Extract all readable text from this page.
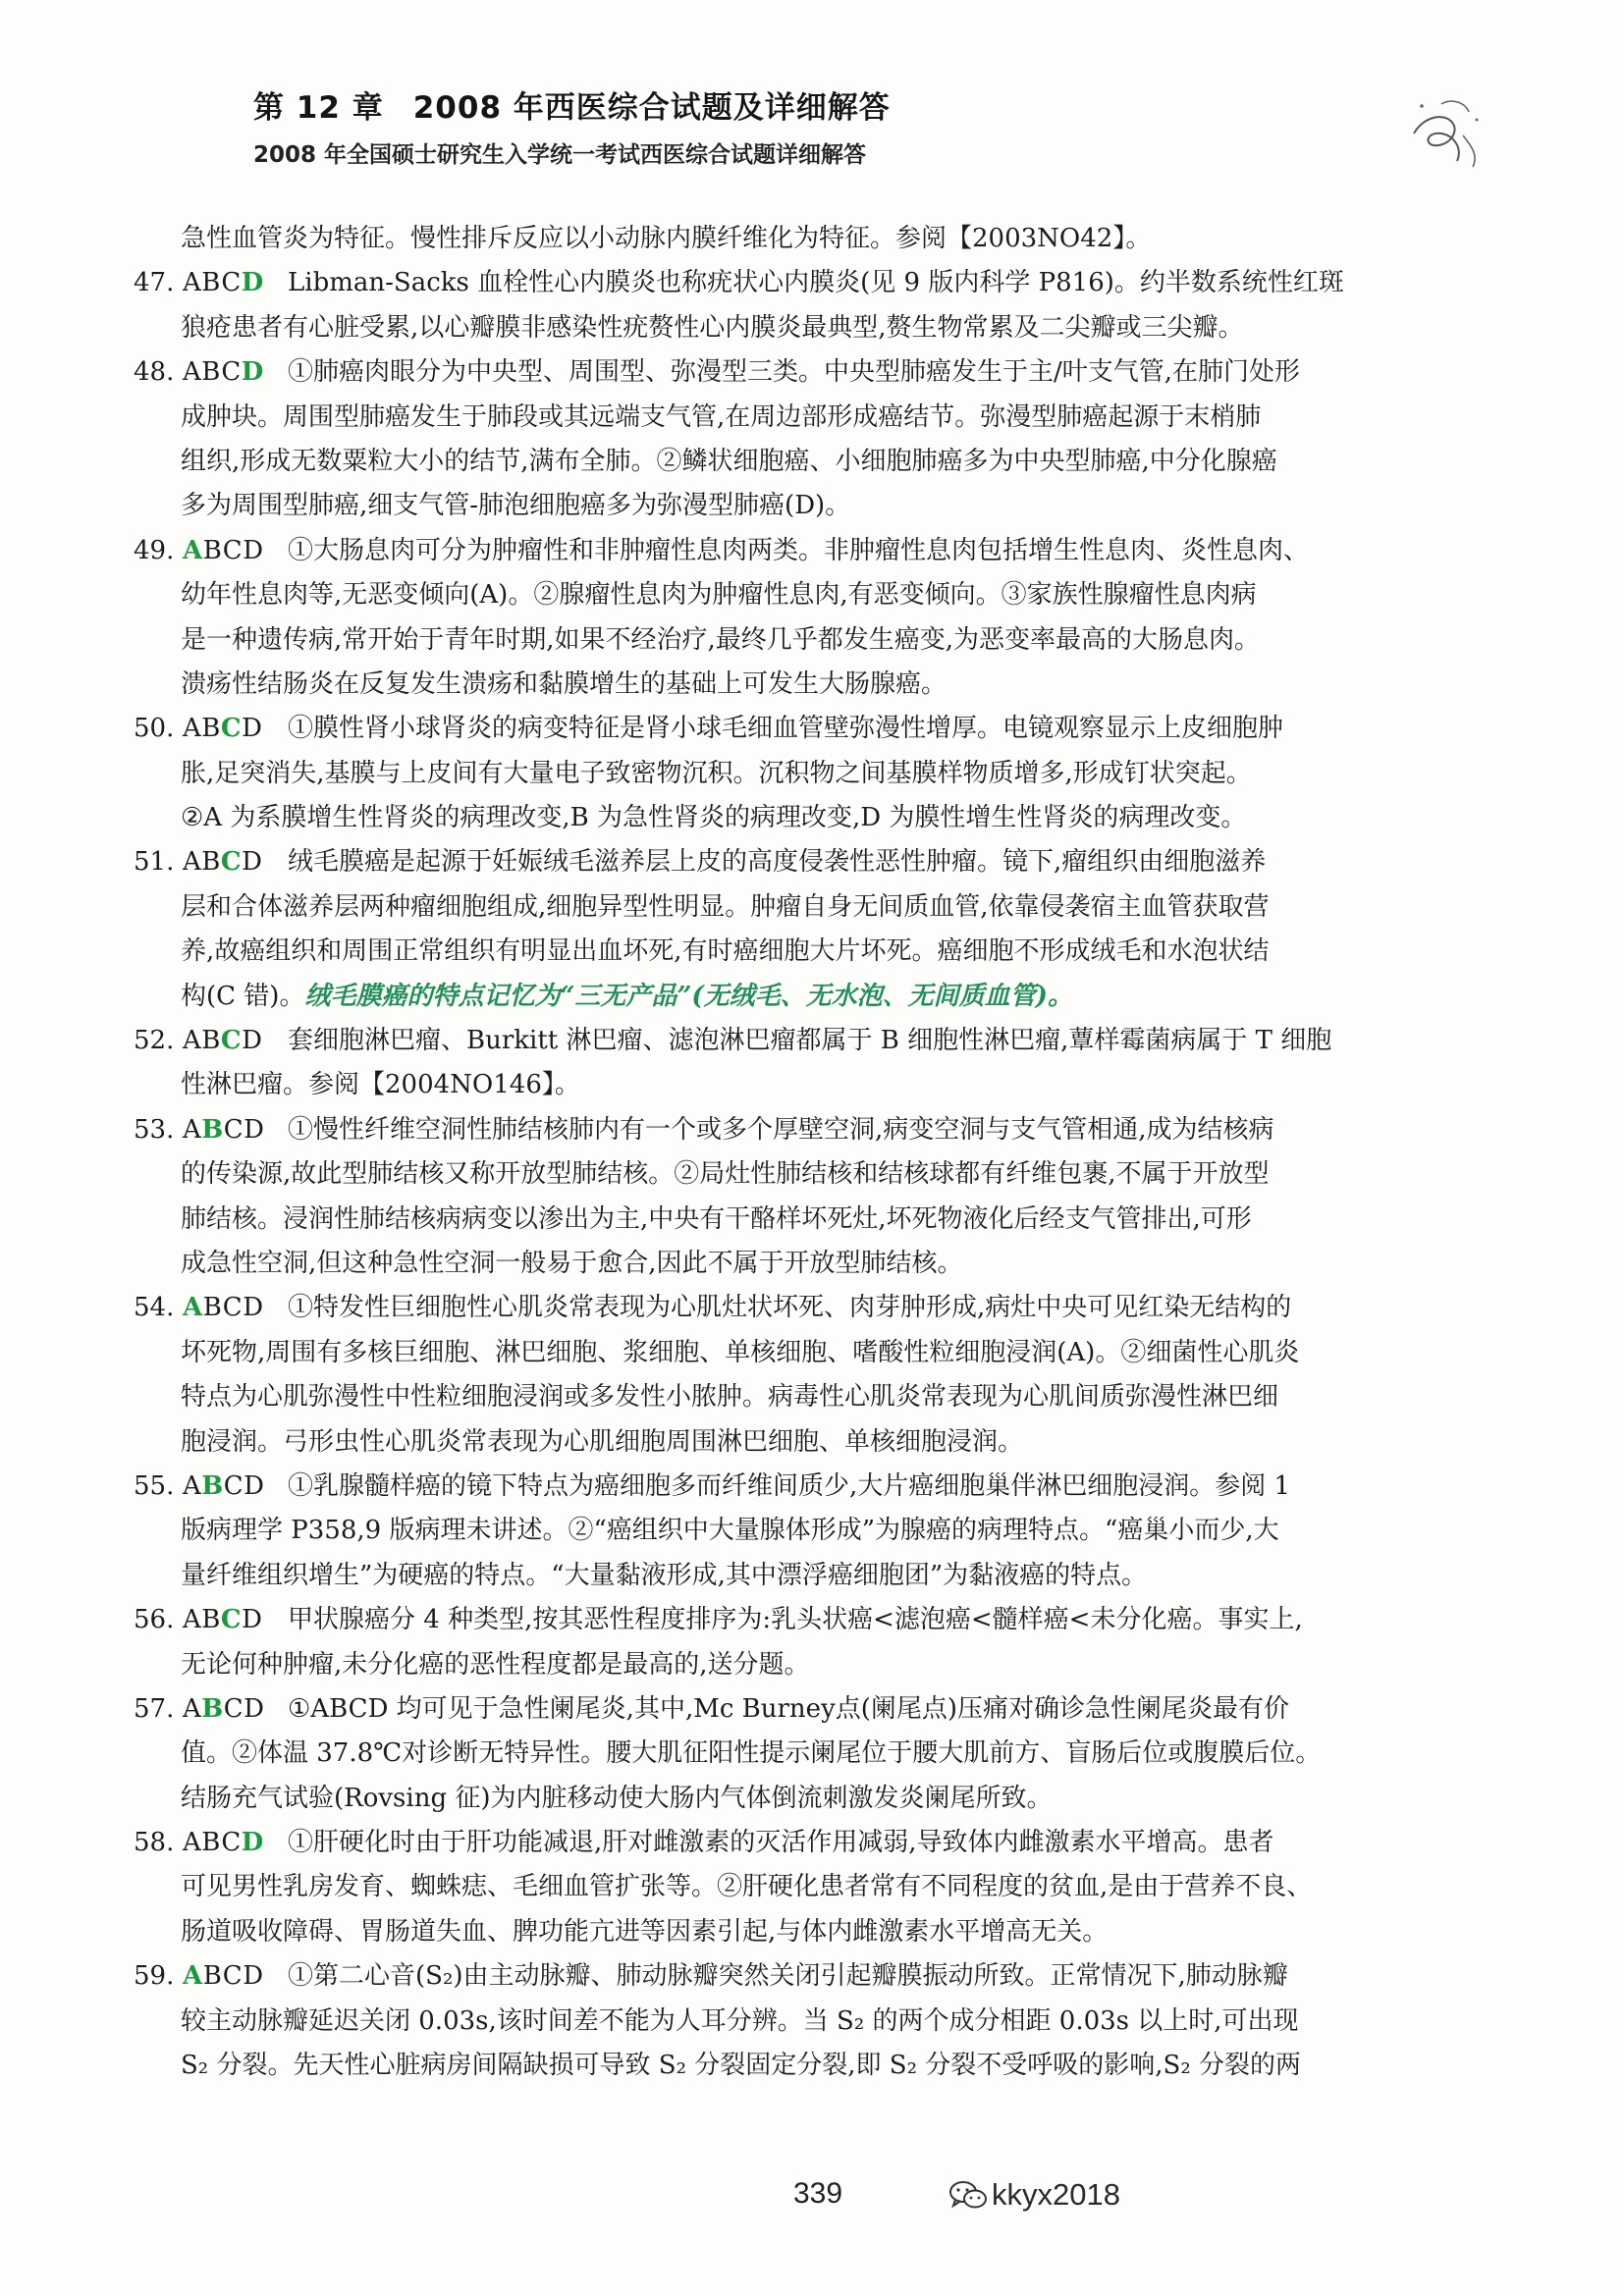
第 12 章 2008 年西医综合试题及详细解答
2008 年全国硕士研究生入学统一考试西医综合试题详细解答
急性血管炎为特征。慢性排斥反应以小动脉内膜纤维化为特征。参阅【2003NO42】。
47. ABCD Libman-Sacks 血栓性心内膜炎也称疣状心内膜炎(见 9 版内科学 P816)。约半数系统性红斑
狼疮患者有心脏受累,以心瓣膜非感染性疣赘性心内膜炎最典型,赘生物常累及二尖瓣或三尖瓣。
48. ABCD ①肺癌肉眼分为中央型、周围型、弥漫型三类。中央型肺癌发生于主/叶支气管,在肺门处形
成肿块。周围型肺癌发生于肺段或其远端支气管,在周边部形成癌结节。弥漫型肺癌起源于末梢肺
组织,形成无数粟粒大小的结节,满布全肺。②鳞状细胞癌、小细胞肺癌多为中央型肺癌,中分化腺癌
多为周围型肺癌,细支气管-肺泡细胞癌多为弥漫型肺癌(D)。
49. ABCD ①大肠息肉可分为肿瘤性和非肿瘤性息肉两类。非肿瘤性息肉包括增生性息肉、炎性息肉、
幼年性息肉等,无恶变倾向(A)。②腺瘤性息肉为肿瘤性息肉,有恶变倾向。③家族性腺瘤性息肉病
是一种遗传病,常开始于青年时期,如果不经治疗,最终几乎都发生癌变,为恶变率最高的大肠息肉。
溃疡性结肠炎在反复发生溃疡和黏膜增生的基础上可发生大肠腺癌。
50. ABCD ①膜性肾小球肾炎的病变特征是肾小球毛细血管壁弥漫性增厚。电镜观察显示上皮细胞肿
胀,足突消失,基膜与上皮间有大量电子致密物沉积。沉积物之间基膜样物质增多,形成钉状突起。
②A 为系膜增生性肾炎的病理改变,B 为急性肾炎的病理改变,D 为膜性增生性肾炎的病理改变。
51. ABCD 绒毛膜癌是起源于妊娠绒毛滋养层上皮的高度侵袭性恶性肿瘤。镜下,瘤组织由细胞滋养
层和合体滋养层两种瘤细胞组成,细胞异型性明显。肿瘤自身无间质血管,依靠侵袭宿主血管获取营
养,故癌组织和周围正常组织有明显出血坏死,有时癌细胞大片坏死。癌细胞不形成绒毛和水泡状结
构(C 错)。绒毛膜癌的特点记忆为“三无产品”(无绒毛、无水泡、无间质血管)。
52. ABCD 套细胞淋巴瘤、Burkitt 淋巴瘤、滤泡淋巴瘤都属于 B 细胞性淋巴瘤,蕈样霉菌病属于 T 细胞
性淋巴瘤。参阅【2004NO146】。
53. ABCD ①慢性纤维空洞性肺结核肺内有一个或多个厚壁空洞,病变空洞与支气管相通,成为结核病
的传染源,故此型肺结核又称开放型肺结核。②局灶性肺结核和结核球都有纤维包裹,不属于开放型
肺结核。浸润性肺结核病病变以渗出为主,中央有干酪样坏死灶,坏死物液化后经支气管排出,可形
成急性空洞,但这种急性空洞一般易于愈合,因此不属于开放型肺结核。
54. ABCD ①特发性巨细胞性心肌炎常表现为心肌灶状坏死、肉芽肿形成,病灶中央可见红染无结构的
坏死物,周围有多核巨细胞、淋巴细胞、浆细胞、单核细胞、嗜酸性粒细胞浸润(A)。②细菌性心肌炎
特点为心肌弥漫性中性粒细胞浸润或多发性小脓肿。病毒性心肌炎常表现为心肌间质弥漫性淋巴细
胞浸润。弓形虫性心肌炎常表现为心肌细胞周围淋巴细胞、单核细胞浸润。
55. ABCD ①乳腺髓样癌的镜下特点为癌细胞多而纤维间质少,大片癌细胞巢伴淋巴细胞浸润。参阅 1
版病理学 P358,9 版病理未讲述。②“癌组织中大量腺体形成”为腺癌的病理特点。“癌巢小而少,大
量纤维组织增生”为硬癌的特点。“大量黏液形成,其中漂浮癌细胞团”为黏液癌的特点。
56. ABCD 甲状腺癌分 4 种类型,按其恶性程度排序为:乳头状癌<滤泡癌<髓样癌<未分化癌。事实上,
无论何种肿瘤,未分化癌的恶性程度都是最高的,送分题。
57. ABCD ①ABCD 均可见于急性阑尾炎,其中,Mc Burney点(阑尾点)压痛对确诊急性阑尾炎最有价
值。②体温 37.8℃对诊断无特异性。腰大肌征阳性提示阑尾位于腰大肌前方、盲肠后位或腹膜后位。
结肠充气试验(Rovsing 征)为内脏移动使大肠内气体倒流刺激发炎阑尾所致。
58. ABCD ①肝硬化时由于肝功能减退,肝对雌激素的灭活作用减弱,导致体内雌激素水平增高。患者
可见男性乳房发育、蜘蛛痣、毛细血管扩张等。②肝硬化患者常有不同程度的贫血,是由于营养不良、
肠道吸收障碍、胃肠道失血、脾功能亢进等因素引起,与体内雌激素水平增高无关。
59. ABCD ①第二心音(S₂)由主动脉瓣、肺动脉瓣突然关闭引起瓣膜振动所致。正常情况下,肺动脉瓣
较主动脉瓣延迟关闭 0.03s,该时间差不能为人耳分辨。当 S₂ 的两个成分相距 0.03s 以上时,可出现
S₂ 分裂。先天性心脏病房间隔缺损可导致 S₂ 分裂固定分裂,即 S₂ 分裂不受呼吸的影响,S₂ 分裂的两
339	kkyx2018
